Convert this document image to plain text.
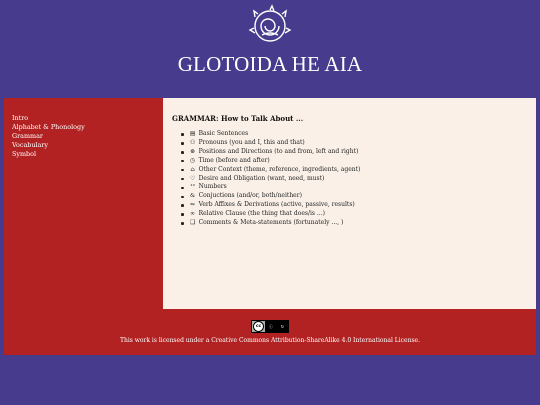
GLOTOIDA HE AIA
Intro
Alphabet & Phonology
Grammar
Vocabulary
Symbol
GRAMMAR: How to Talk About ...
▤ Basic Sentences
⚇ Pronouns (you and I, this and that)
⊛ Positions and Directions (to and from, left and right)
◷ Time (before and after)
⌂ Other Context (theme, reference, ingredients, agent)
♡ Desire and Obligation (want, need, must)
¹² Numbers
& Conjuctions (and/or, both/neither)
⇋ Verb Affixes & Derivations (active, passive, results)
∞ Relative Clause (the thing that does/is ...)
❏ Comments & Meta-statements (fortunately ..., )
cc	ⓘ ↻
This work is licensed under a Creative Commons Attribution-ShareAlike 4.0 International License.
